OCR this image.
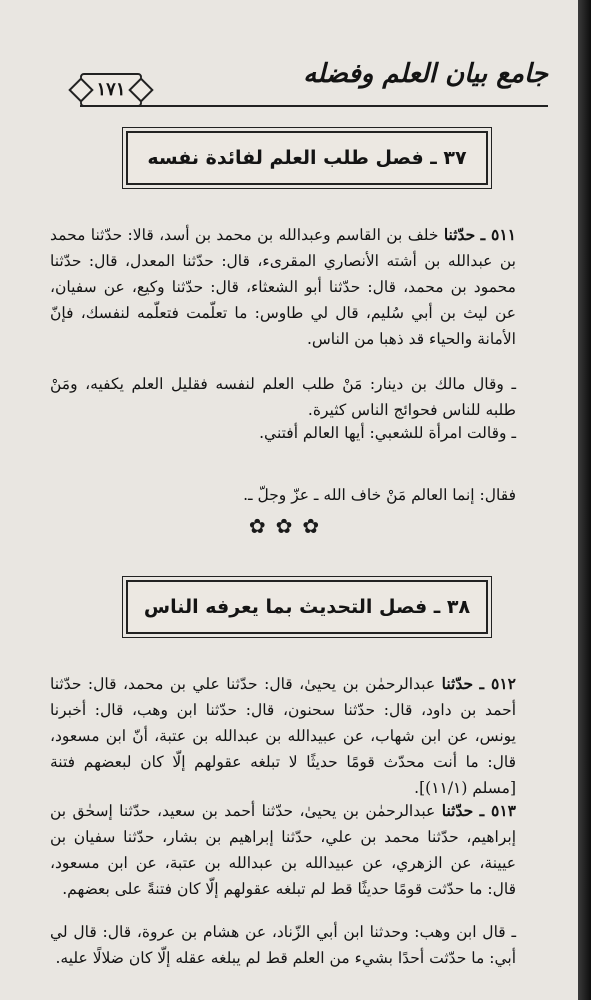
جامع بيان العلم وفضله
١٧١
٣٧ ـ فصل طلب العلم لفائدة نفسه

٥١١ ـ حدّثنا خلف بن القاسم وعبدالله بن محمد بن أسد، قالا: حدّثنا محمد بن عبدالله بن أشته الأنصاري المقرىء، قال: حدّثنا المعدل، قال: حدّثنا محمود بن محمد، قال: حدّثنا أبو الشعثاء، قال: حدّثنا وكيع، عن سفيان، عن ليث بن أبي سُليم، قال لي طاوس: ما تعلّمت فتعلّمه لنفسك، فإنّ الأمانة والحياء قد ذهبا من الناس.

ـ وقال مالك بن دينار: مَنْ طلب العلم لنفسه فقليل العلم يكفيه، ومَنْ طلبه للناس فحوائج الناس كثيرة.

ـ وقالت امرأة للشعبي: أيها العالم أفتني.

فقال: إنما العالم مَنْ خاف الله ـ عزّ وجلّ ـ.

✿✿✿
٣٨ ـ فصل التحديث بما يعرفه الناس

٥١٢ ـ حدّثنا عبدالرحمٰن بن يحيىٰ، قال: حدّثنا علي بن محمد، قال: حدّثنا أحمد بن داود، قال: حدّثنا سحنون، قال: حدّثنا ابن وهب، قال: أخبرنا يونس، عن ابن شهاب، عن عبيدالله بن عبدالله بن عتبة، أنّ ابن مسعود، قال: ما أنت محدّث قومًا حديثًا لا تبلغه عقولهم إلّا كان لبعضهم فتنة [مسلم (١١/١)].

٥١٣ ـ حدّثنا عبدالرحمٰن بن يحيىٰ، حدّثنا أحمد بن سعيد، حدّثنا إسحٰق بن إبراهيم، حدّثنا محمد بن علي، حدّثنا إبراهيم بن بشار، حدّثنا سفيان بن عيينة، عن الزهري، عن عبيدالله بن عبدالله بن عتبة، عن ابن مسعود، قال: ما حدّثت قومًا حديثًا قط لم تبلغه عقولهم إلّا كان فتنةً على بعضهم.

ـ قال ابن وهب: وحدثنا ابن أبي الزّناد، عن هشام بن عروة، قال: قال لي أبي: ما حدّثت أحدًا بشيء من العلم قط لم يبلغه عقله إلّا كان ضلالًا عليه.
